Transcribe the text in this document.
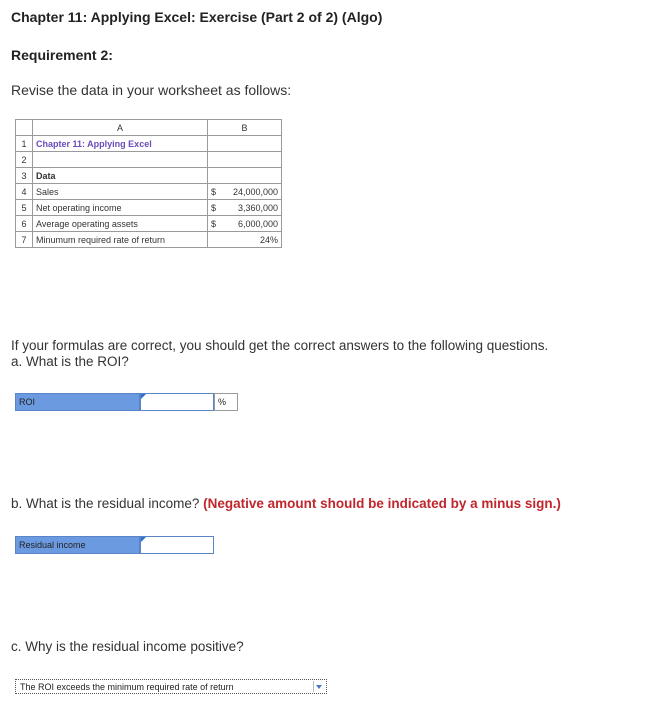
Chapter 11: Applying Excel: Exercise (Part 2 of 2) (Algo)
Requirement 2:
Revise the data in your worksheet as follows:
	A	B
1	Chapter 11: Applying Excel	
2		
3	Data	
4	Sales	$ 24,000,000

5	Net operating income	$ 3,360,000

6	Average operating assets	$ 6,000,000

7	Minumum required rate of return	24%
If your formulas are correct, you should get the correct answers to the following questions.
a. What is the ROI?
ROI	%
b. What is the residual income? (Negative amount should be indicated by a minus sign.)
Residual income
c. Why is the residual income positive?
The ROI exceeds the minimum required rate of return
